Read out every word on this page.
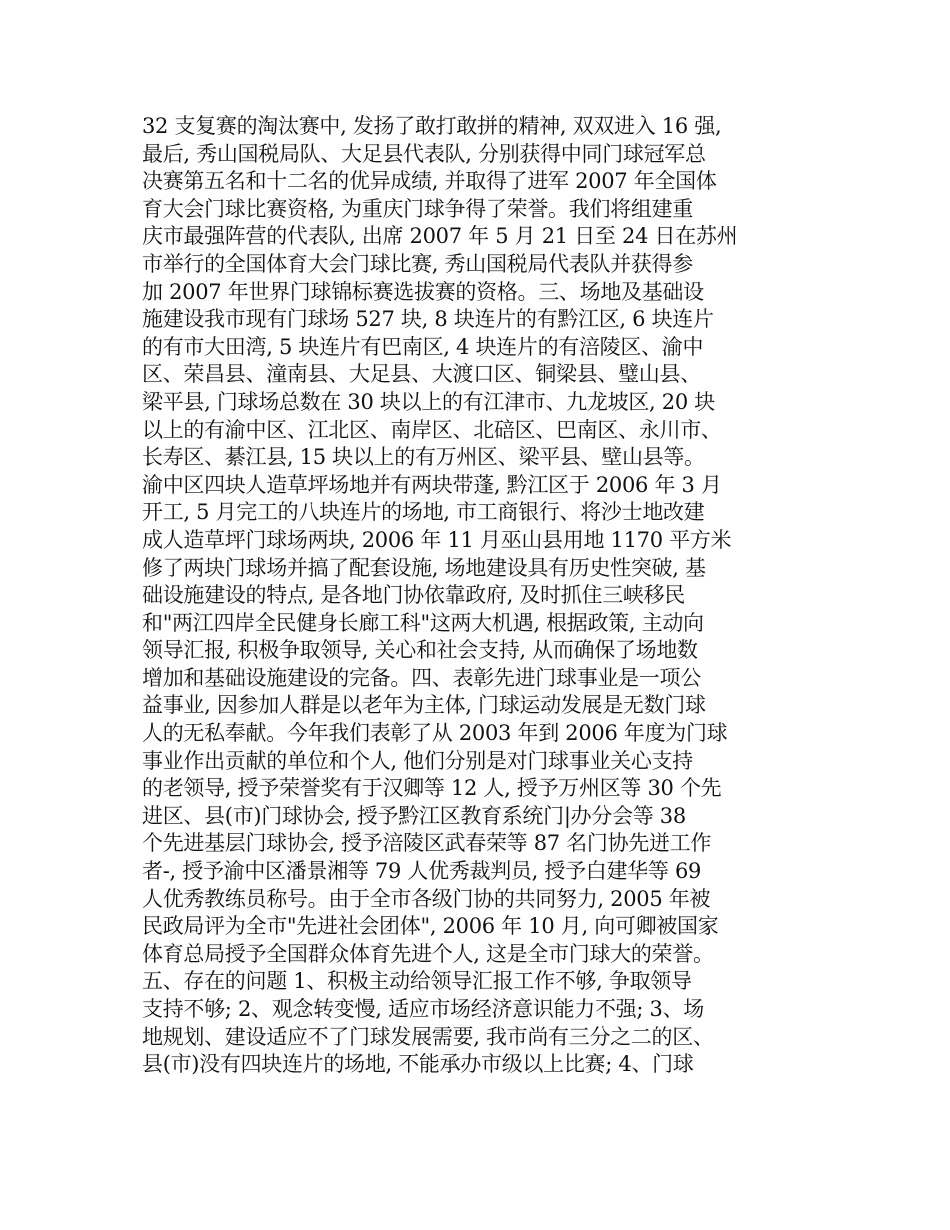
32 支复赛的淘汰赛中, 发扬了敢打敢拼的精神, 双双进入 16 强,
最后, 秀山国税局队、大足县代表队, 分别获得中同门球冠军总
决赛第五名和十二名的优异成绩, 并取得了进军 2007 年全国体
育大会门球比赛资格, 为重庆门球争得了荣誉。我们将组建重
庆市最强阵营的代表队, 出席 2007 年 5 月 21 日至 24 日在苏州
市举行的全国体育大会门球比赛, 秀山国税局代表队并获得参
加 2007 年世界门球锦标赛选拔赛的资格。三、场地及基础设
施建设我市现有门球场 527 块, 8 块连片的有黔江区, 6 块连片
的有市大田湾, 5 块连片有巴南区, 4 块连片的有涪陵区、渝中
区、荣昌县、潼南县、大足县、大渡口区、铜梁县、璧山县、
梁平县, 门球场总数在 30 块以上的有江津市、九龙坡区, 20 块
以上的有渝中区、江北区、南岸区、北碚区、巴南区、永川市、
长寿区、綦江县, 15 块以上的有万州区、梁平县、壁山县等。
渝中区四块人造草坪场地并有两块带蓬, 黔江区于 2006 年 3 月
开工, 5 月完工的八块连片的场地, 市工商银行、将沙士地改建
成人造草坪门球场两块, 2006 年 11 月巫山县用地 1170 平方米
修了两块门球场并搞了配套设施, 场地建设具有历史性突破, 基
础设施建设的特点, 是各地门协依靠政府, 及时抓住三峡移民
和"两江四岸全民健身长廊工科"这两大机遇, 根据政策, 主动向
领导汇报, 积极争取领导, 关心和社会支持, 从而确保了场地数
增加和基础设施建设的完备。四、表彰先进门球事业是一项公
益事业, 因参加人群是以老年为主体, 门球运动发展是无数门球
人的无私奉献。今年我们表彰了从 2003 年到 2006 年度为门球
事业作出贡献的单位和个人, 他们分别是对门球事业关心支持
的老领导, 授予荣誉奖有于汉卿等 12 人, 授予万州区等 30 个先
进区、县(市)门球协会, 授予黔江区教育系统门|办分会等 38
个先进基层门球协会, 授予涪陵区武春荣等 87 名门协先迸工作
者-, 授予渝中区潘景湘等 79 人优秀裁判员, 授予白建华等 69
人优秀教练员称号。由于全市各级门协的共同努力, 2005 年被
民政局评为全市"先进社会团体", 2006 年 10 月, 向可卿被国家
体育总局授予全国群众体育先进个人, 这是全市门球大的荣誉。
五、存在的问题 1、积极主动给领导汇报工作不够, 争取领导
支持不够; 2、观念转变慢, 适应市场经济意识能力不强; 3、场
地规划、建设适应不了门球发展需要, 我市尚有三分之二的区、
县(市)没有四块连片的场地, 不能承办市级以上比赛; 4、门球
